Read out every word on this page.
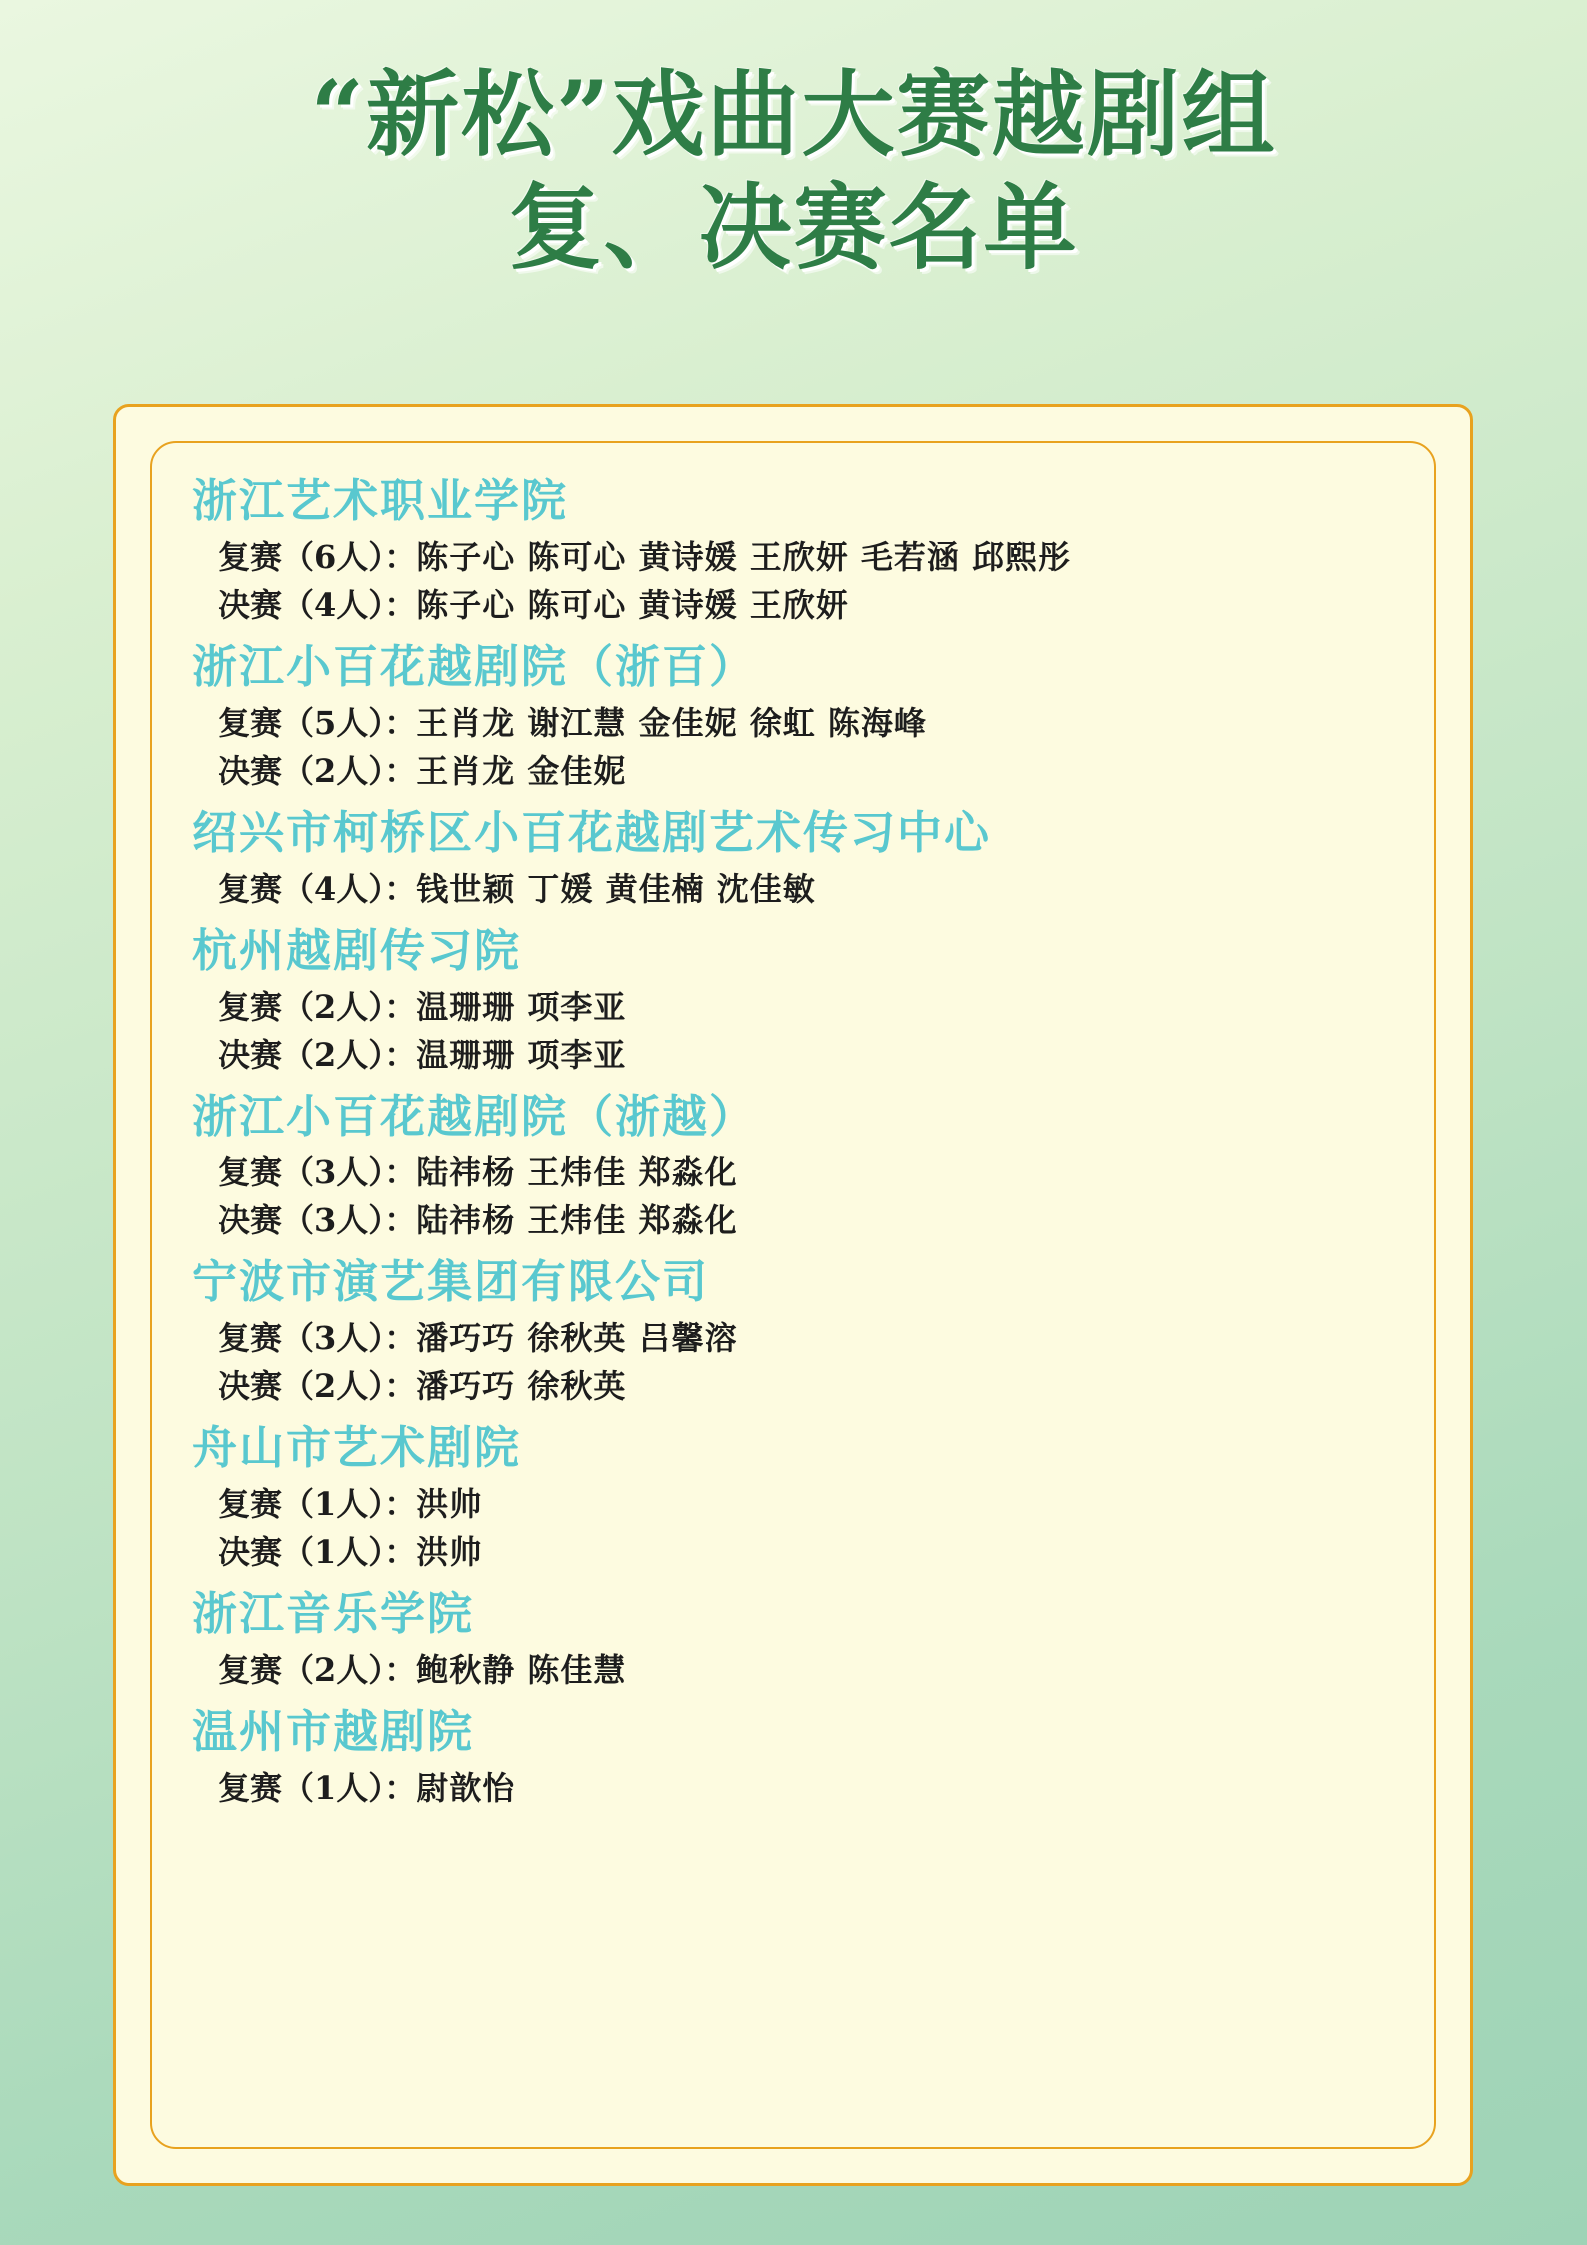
“新松”戏曲大赛越剧组
复、决赛名单
浙江艺术职业学院
复赛（6人）：陈子心 陈可心 黄诗媛 王欣妍 毛若涵 邱熙彤
决赛（4人）：陈子心 陈可心 黄诗媛 王欣妍
浙江小百花越剧院（浙百）
复赛（5人）：王肖龙 谢江慧 金佳妮 徐虹 陈海峰
决赛（2人）：王肖龙 金佳妮
绍兴市柯桥区小百花越剧艺术传习中心
复赛（4人）：钱世颖 丁媛 黄佳楠 沈佳敏
杭州越剧传习院
复赛（2人）：温珊珊 项李亚
决赛（2人）：温珊珊 项李亚
浙江小百花越剧院（浙越）
复赛（3人）：陆祎杨 王炜佳 郑淼化
决赛（3人）：陆祎杨 王炜佳 郑淼化
宁波市演艺集团有限公司
复赛（3人）：潘巧巧 徐秋英 吕馨溶
决赛（2人）：潘巧巧 徐秋英
舟山市艺术剧院
复赛（1人）：洪帅
决赛（1人）：洪帅
浙江音乐学院
复赛（2人）：鲍秋静 陈佳慧
温州市越剧院
复赛（1人）：尉歆怡
